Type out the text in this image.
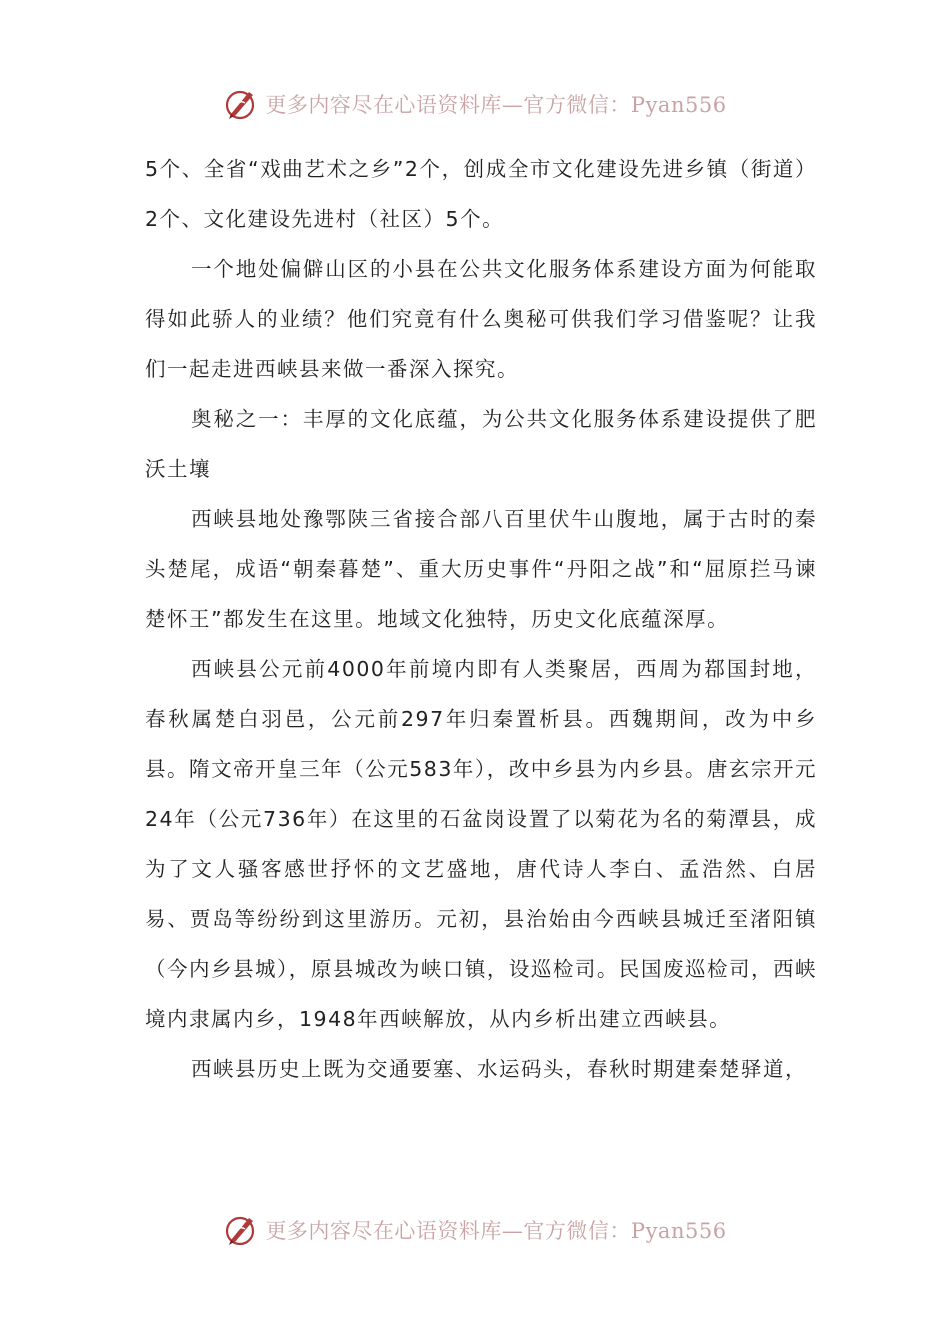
更多内容尽在心语资料库—官方微信：Pyan556

5个、全省“戏曲艺术之乡”2个，创成全市文化建设先进乡镇（街道）2个、文化建设先进村（社区）5个。

一个地处偏僻山区的小县在公共文化服务体系建设方面为何能取得如此骄人的业绩？他们究竟有什么奥秘可供我们学习借鉴呢？让我们一起走进西峡县来做一番深入探究。

奥秘之一：丰厚的文化底蕴，为公共文化服务体系建设提供了肥沃土壤

西峡县地处豫鄂陕三省接合部八百里伏牛山腹地，属于古时的秦头楚尾，成语“朝秦暮楚”、重大历史事件“丹阳之战”和“屈原拦马谏楚怀王”都发生在这里。地域文化独特，历史文化底蕴深厚。

西峡县公元前4000年前境内即有人类聚居，西周为鄀国封地，春秋属楚白羽邑，公元前297年归秦置析县。西魏期间，改为中乡县。隋文帝开皇三年（公元583年），改中乡县为内乡县。唐玄宗开元24年（公元736年）在这里的石盆岗设置了以菊花为名的菊潭县，成为了文人骚客感世抒怀的文艺盛地，唐代诗人李白、孟浩然、白居易、贾岛等纷纷到这里游历。元初，县治始由今西峡县城迁至渚阳镇（今内乡县城），原县城改为峡口镇，设巡检司。民国废巡检司，西峡境内隶属内乡，1948年西峡解放，从内乡析出建立西峡县。

西峡县历史上既为交通要塞、水运码头，春秋时期建秦楚驿道，

更多内容尽在心语资料库—官方微信：Pyan556
